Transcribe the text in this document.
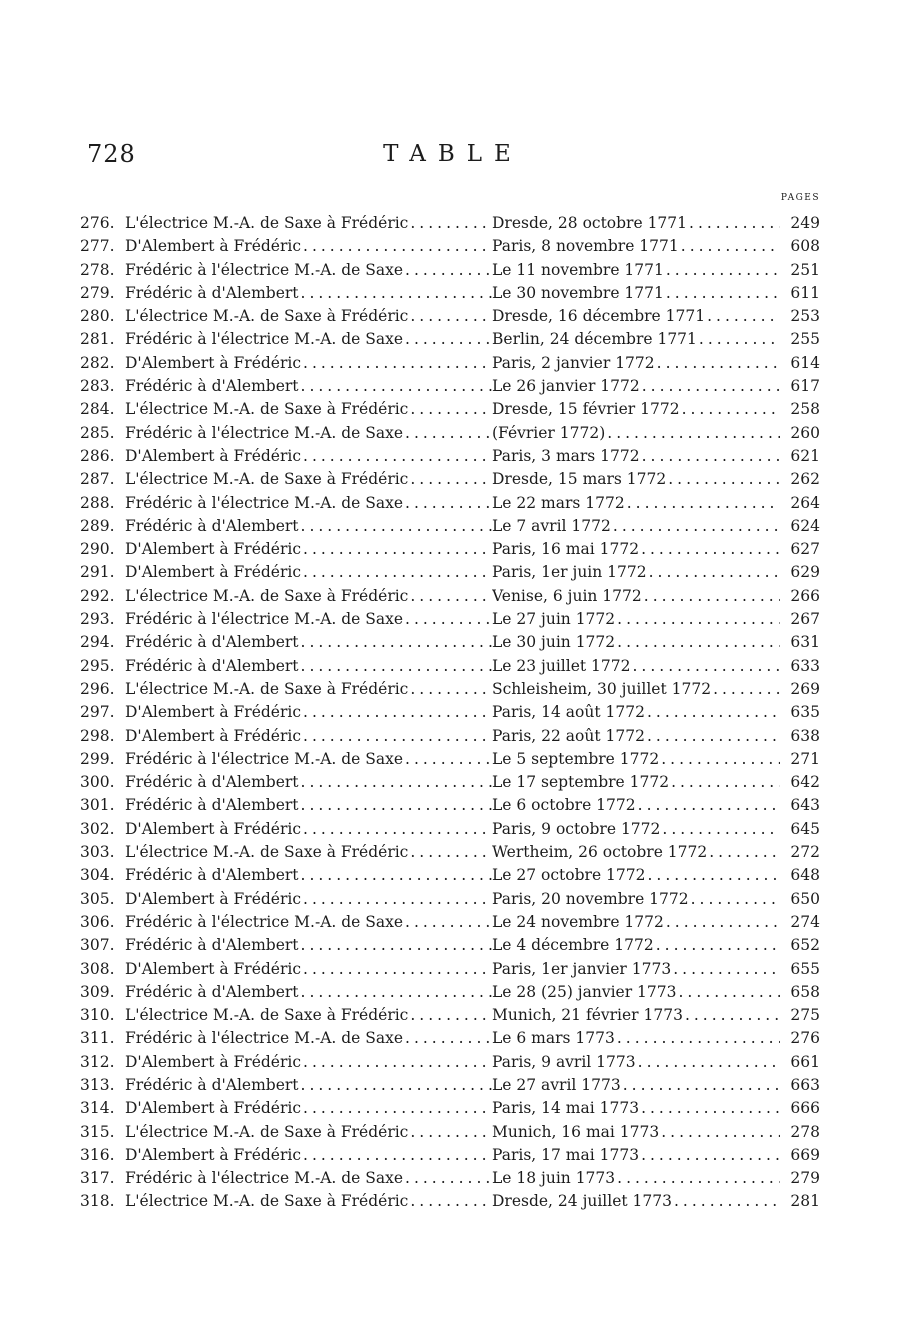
728	TABLE
PAGES
276. L'électrice M.-A. de Saxe à Frédéric .....	Dresde, 28 octobre 1771 .....	249
277. D'Alembert à Frédéric .....	Paris, 8 novembre 1771 .....	608
278. Frédéric à l'électrice M.-A. de Saxe .....	Le 11 novembre 1771 .....	251
279. Frédéric à d'Alembert .....	Le 30 novembre 1771 .....	611
280. L'électrice M.-A. de Saxe à Frédéric .....	Dresde, 16 décembre 1771 .....	253
281. Frédéric à l'électrice M.-A. de Saxe .....	Berlin, 24 décembre 1771 .....	255
282. D'Alembert à Frédéric .....	Paris, 2 janvier 1772 .....	614
283. Frédéric à d'Alembert .....	Le 26 janvier 1772 .....	617
284. L'électrice M.-A. de Saxe à Frédéric .....	Dresde, 15 février 1772 .....	258
285. Frédéric à l'électrice M.-A. de Saxe .....	(Février 1772) .....	260
286. D'Alembert à Frédéric .....	Paris, 3 mars 1772 .....	621
287. L'électrice M.-A. de Saxe à Frédéric .....	Dresde, 15 mars 1772 .....	262
288. Frédéric à l'électrice M.-A. de Saxe .....	Le 22 mars 1772 .....	264
289. Frédéric à d'Alembert .....	Le 7 avril 1772 .....	624
290. D'Alembert à Frédéric .....	Paris, 16 mai 1772 .....	627
291. D'Alembert à Frédéric .....	Paris, 1er juin 1772 .....	629
292. L'électrice M.-A. de Saxe à Frédéric .....	Venise, 6 juin 1772 .....	266
293. Frédéric à l'électrice M.-A. de Saxe .....	Le 27 juin 1772 .....	267
294. Frédéric à d'Alembert .....	Le 30 juin 1772 .....	631
295. Frédéric à d'Alembert .....	Le 23 juillet 1772 .....	633
296. L'électrice M.-A. de Saxe à Frédéric .....	Schleisheim, 30 juillet 1772 .....	269
297. D'Alembert à Frédéric .....	Paris, 14 août 1772 .....	635
298. D'Alembert à Frédéric .....	Paris, 22 août 1772 .....	638
299. Frédéric à l'électrice M.-A. de Saxe .....	Le 5 septembre 1772 .....	271
300. Frédéric à d'Alembert .....	Le 17 septembre 1772 .....	642
301. Frédéric à d'Alembert .....	Le 6 octobre 1772 .....	643
302. D'Alembert à Frédéric .....	Paris, 9 octobre 1772 .....	645
303. L'électrice M.-A. de Saxe à Frédéric .....	Wertheim, 26 octobre 1772 .....	272
304. Frédéric à d'Alembert .....	Le 27 octobre 1772 .....	648
305. D'Alembert à Frédéric .....	Paris, 20 novembre 1772 .....	650
306. Frédéric à l'électrice M.-A. de Saxe .....	Le 24 novembre 1772 .....	274
307. Frédéric à d'Alembert .....	Le 4 décembre 1772 .....	652
308. D'Alembert à Frédéric .....	Paris, 1er janvier 1773 .....	655
309. Frédéric à d'Alembert .....	Le 28 (25) janvier 1773 .....	658
310. L'électrice M.-A. de Saxe à Frédéric .....	Munich, 21 février 1773 .....	275
311. Frédéric à l'électrice M.-A. de Saxe .....	Le 6 mars 1773 .....	276
312. D'Alembert à Frédéric .....	Paris, 9 avril 1773 .....	661
313. Frédéric à d'Alembert .....	Le 27 avril 1773 .....	663
314. D'Alembert à Frédéric .....	Paris, 14 mai 1773 .....	666
315. L'électrice M.-A. de Saxe à Frédéric .....	Munich, 16 mai 1773 .....	278
316. D'Alembert à Frédéric .....	Paris, 17 mai 1773 .....	669
317. Frédéric à l'électrice M.-A. de Saxe .....	Le 18 juin 1773 .....	279
318. L'électrice M.-A. de Saxe à Frédéric .....	Dresde, 24 juillet 1773 .....	281
